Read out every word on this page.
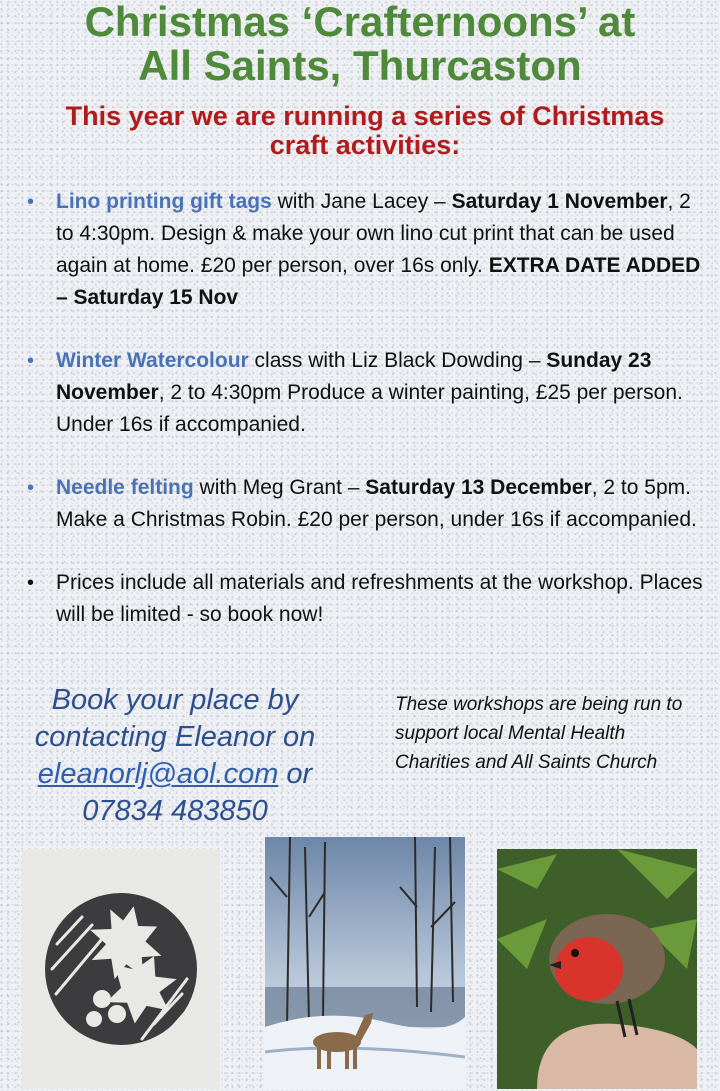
Christmas ‘Crafternoons’ at
All Saints, Thurcaston
This year we are running a series of Christmas
craft activities:
• Lino printing gift tags with Jane Lacey – Saturday 1 November, 2 to 4:30pm. Design & make your own lino cut print that can be used again at home. £20 per person, over 16s only. EXTRA DATE ADDED – Saturday 15 Nov
• Winter Watercolour class with Liz Black Dowding – Sunday 23 November, 2 to 4:30pm Produce a winter painting, £25 per person. Under 16s if accompanied.
• Needle felting with Meg Grant – Saturday 13 December, 2 to 5pm. Make a Christmas Robin. £20 per person, under 16s if accompanied.
• Prices include all materials and refreshments at the workshop. Places will be limited - so book now!
Book your place by
contacting Eleanor on
eleanorlj@aol.com or
07834 483850
These workshops are being run to support local Mental Health Charities and All Saints Church
